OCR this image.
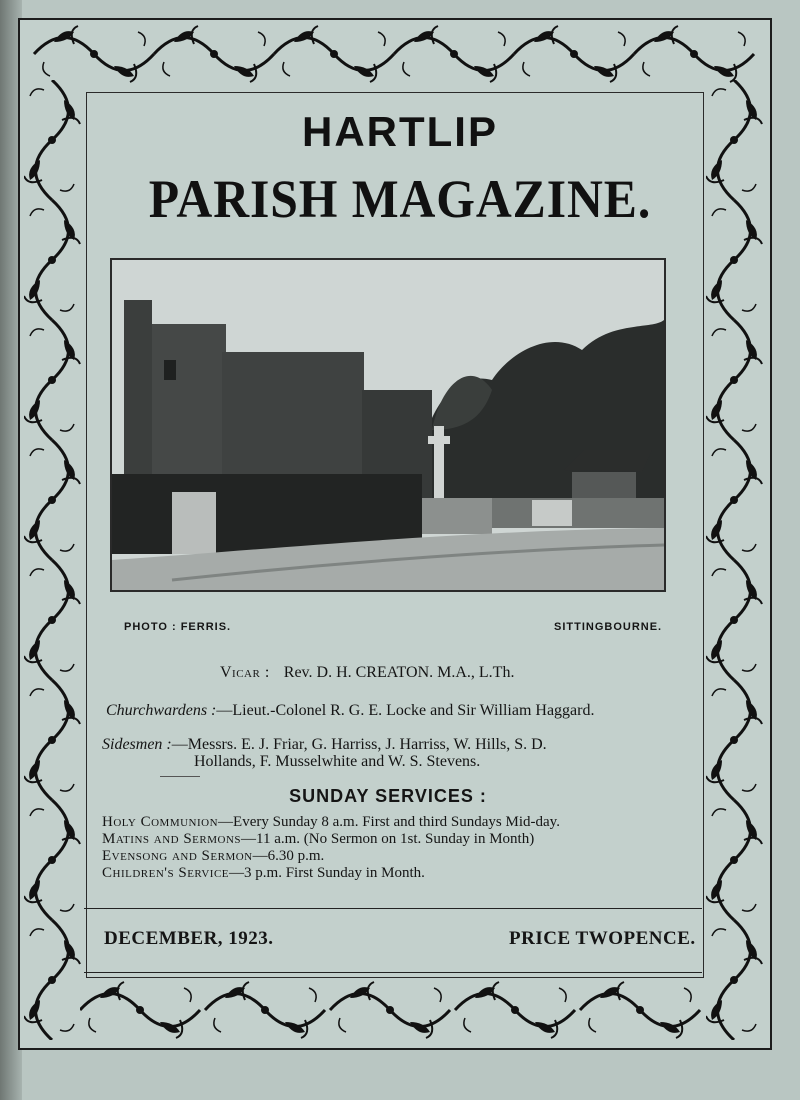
HARTLIP
PARISH MAGAZINE.
PHOTO : FERRIS.	SITTINGBOURNE.
Vicar : Rev. D. H. CREATON. M.A., L.Th.
Churchwardens :—Lieut.-Colonel R. G. E. Locke and Sir William Haggard.
Sidesmen :—Messrs. E. J. Friar, G. Harriss, J. Harriss, W. Hills, S. D.
Hollands, F. Musselwhite and W. S. Stevens.
SUNDAY SERVICES :
Holy Communion—Every Sunday 8 a.m. First and third Sundays Mid-day.
Matins and Sermons—11 a.m. (No Sermon on 1st. Sunday in Month)
Evensong and Sermon—6.30 p.m.
Children's Service—3 p.m. First Sunday in Month.
DECEMBER, 1923.	PRICE TWOPENCE.
